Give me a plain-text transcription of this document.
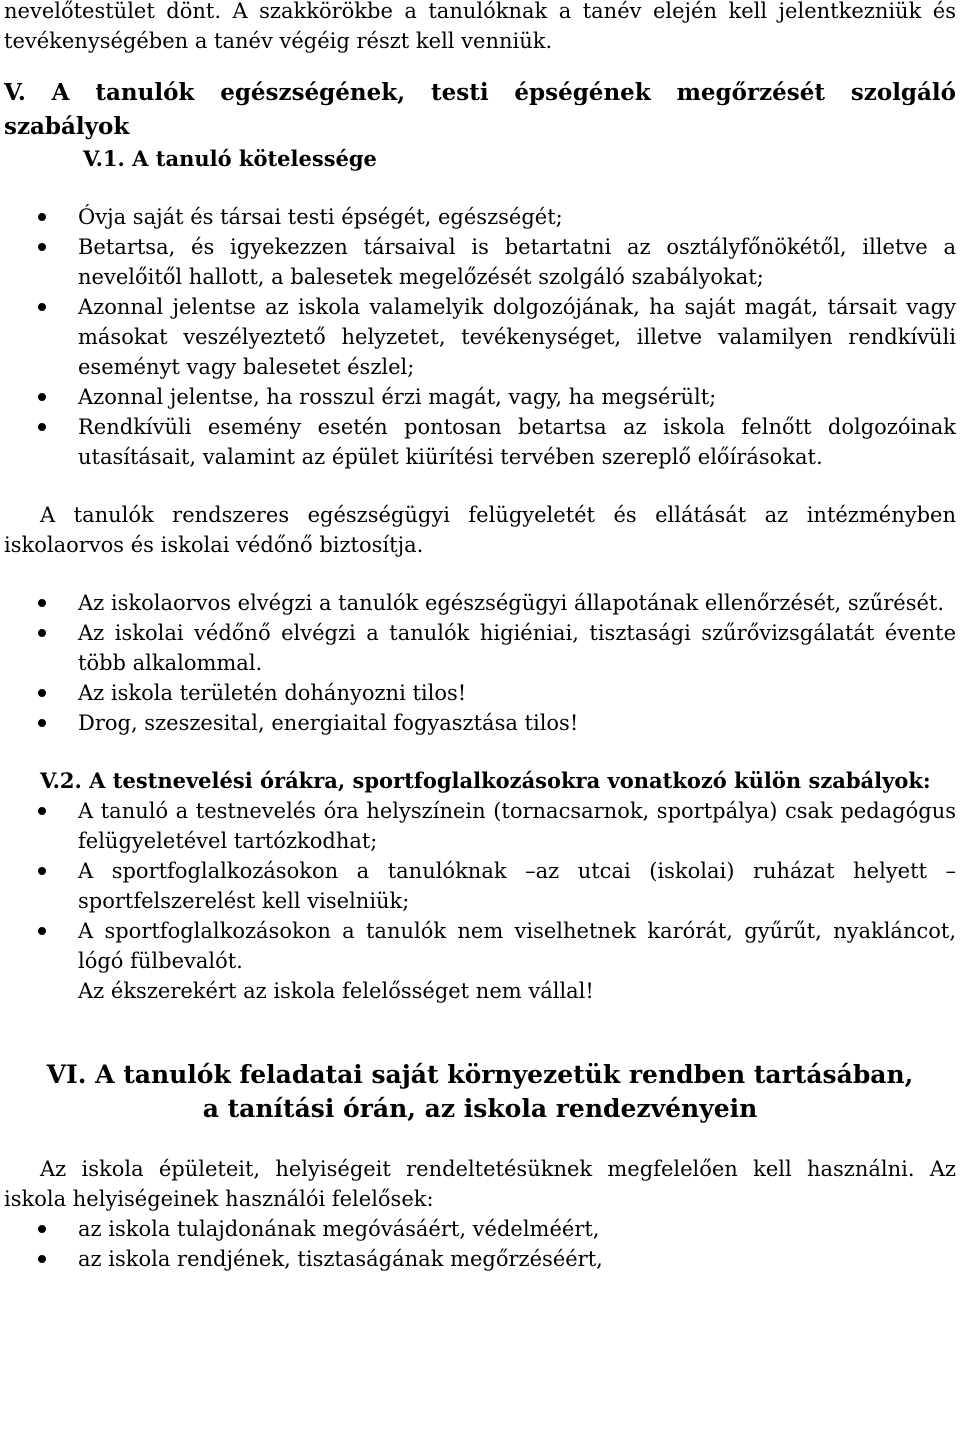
nevelőtestület dönt. A szakkörökbe a tanulóknak a tanév elején kell jelentkezniük és tevékenységében a tanév végéig részt kell venniük.

V. A tanulók egészségének, testi épségének megőrzését szolgáló szabályok
V.1. A tanuló kötelessége
Óvja saját és társai testi épségét, egészségét;
Betartsa, és igyekezzen társaival is betartatni az osztályfőnökétől, illetve a nevelőitől hallott, a balesetek megelőzését szolgáló szabályokat;
Azonnal jelentse az iskola valamelyik dolgozójának, ha saját magát, társait vagy másokat veszélyeztető helyzetet, tevékenységet, illetve valamilyen rendkívüli eseményt vagy balesetet észlel;
Azonnal jelentse, ha rosszul érzi magát, vagy, ha megsérült;
Rendkívüli esemény esetén pontosan betartsa az iskola felnőtt dolgozóinak utasításait, valamint az épület kiürítési tervében szereplő előírásokat.

A tanulók rendszeres egészségügyi felügyeletét és ellátását az intézményben iskolaorvos és iskolai védőnő biztosítja.

Az iskolaorvos elvégzi a tanulók egészségügyi állapotának ellenőrzését, szűrését.
Az iskolai védőnő elvégzi a tanulók higiéniai, tisztasági szűrővizsgálatát évente több alkalommal.
Az iskola területén dohányozni tilos!
Drog, szeszesital, energiaital fogyasztása tilos!
V.2. A testnevelési órákra, sportfoglalkozásokra vonatkozó külön szabályok:
A tanuló a testnevelés óra helyszínein (tornacsarnok, sportpálya) csak pedagógus felügyeletével tartózkodhat;
A sportfoglalkozásokon a tanulóknak –az utcai (iskolai) ruházat helyett – sportfelszerelést kell viselniük;
A sportfoglalkozásokon a tanulók nem viselhetnek karórát, gyűrűt, nyakláncot, lógó fülbevalót.

Az ékszerekért az iskola felelősséget nem vállal!

VI. A tanulók feladatai saját környezetük rendben tartásában,
a tanítási órán, az iskola rendezvényein

Az iskola épületeit, helyiségeit rendeltetésüknek megfelelően kell használni. Az iskola helyiségeinek használói felelősek:

az iskola tulajdonának megóvásáért, védelméért,
az iskola rendjének, tisztaságának megőrzéséért,
